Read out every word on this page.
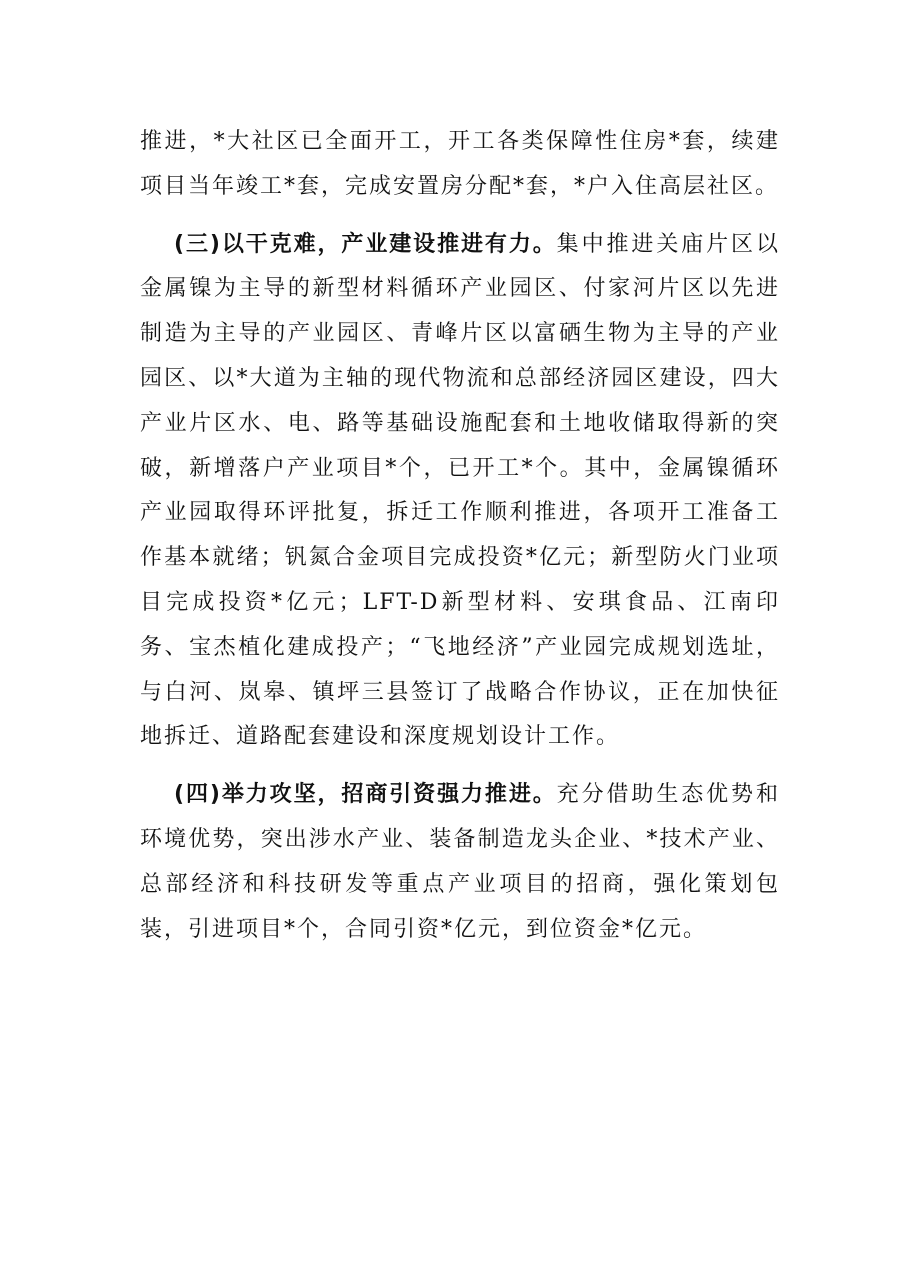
推进，*大社区已全面开工，开工各类保障性住房*套，续建项目当年竣工*套，完成安置房分配*套，*户入住高层社区。

(三)以干克难，产业建设推进有力。集中推进关庙片区以金属镍为主导的新型材料循环产业园区、付家河片区以先进制造为主导的产业园区、青峰片区以富硒生物为主导的产业园区、以*大道为主轴的现代物流和总部经济园区建设，四大产业片区水、电、路等基础设施配套和土地收储取得新的突破，新增落户产业项目*个，已开工*个。其中，金属镍循环产业园取得环评批复，拆迁工作顺利推进，各项开工准备工作基本就绪；钒氮合金项目完成投资*亿元；新型防火门业项目完成投资*亿元；LFT-D新型材料、安琪食品、江南印务、宝杰植化建成投产；“飞地经济”产业园完成规划选址，与白河、岚皋、镇坪三县签订了战略合作协议，正在加快征地拆迁、道路配套建设和深度规划设计工作。

(四)举力攻坚，招商引资强力推进。充分借助生态优势和环境优势，突出涉水产业、装备制造龙头企业、*技术产业、总部经济和科技研发等重点产业项目的招商，强化策划包装，引进项目*个，合同引资*亿元，到位资金*亿元。
